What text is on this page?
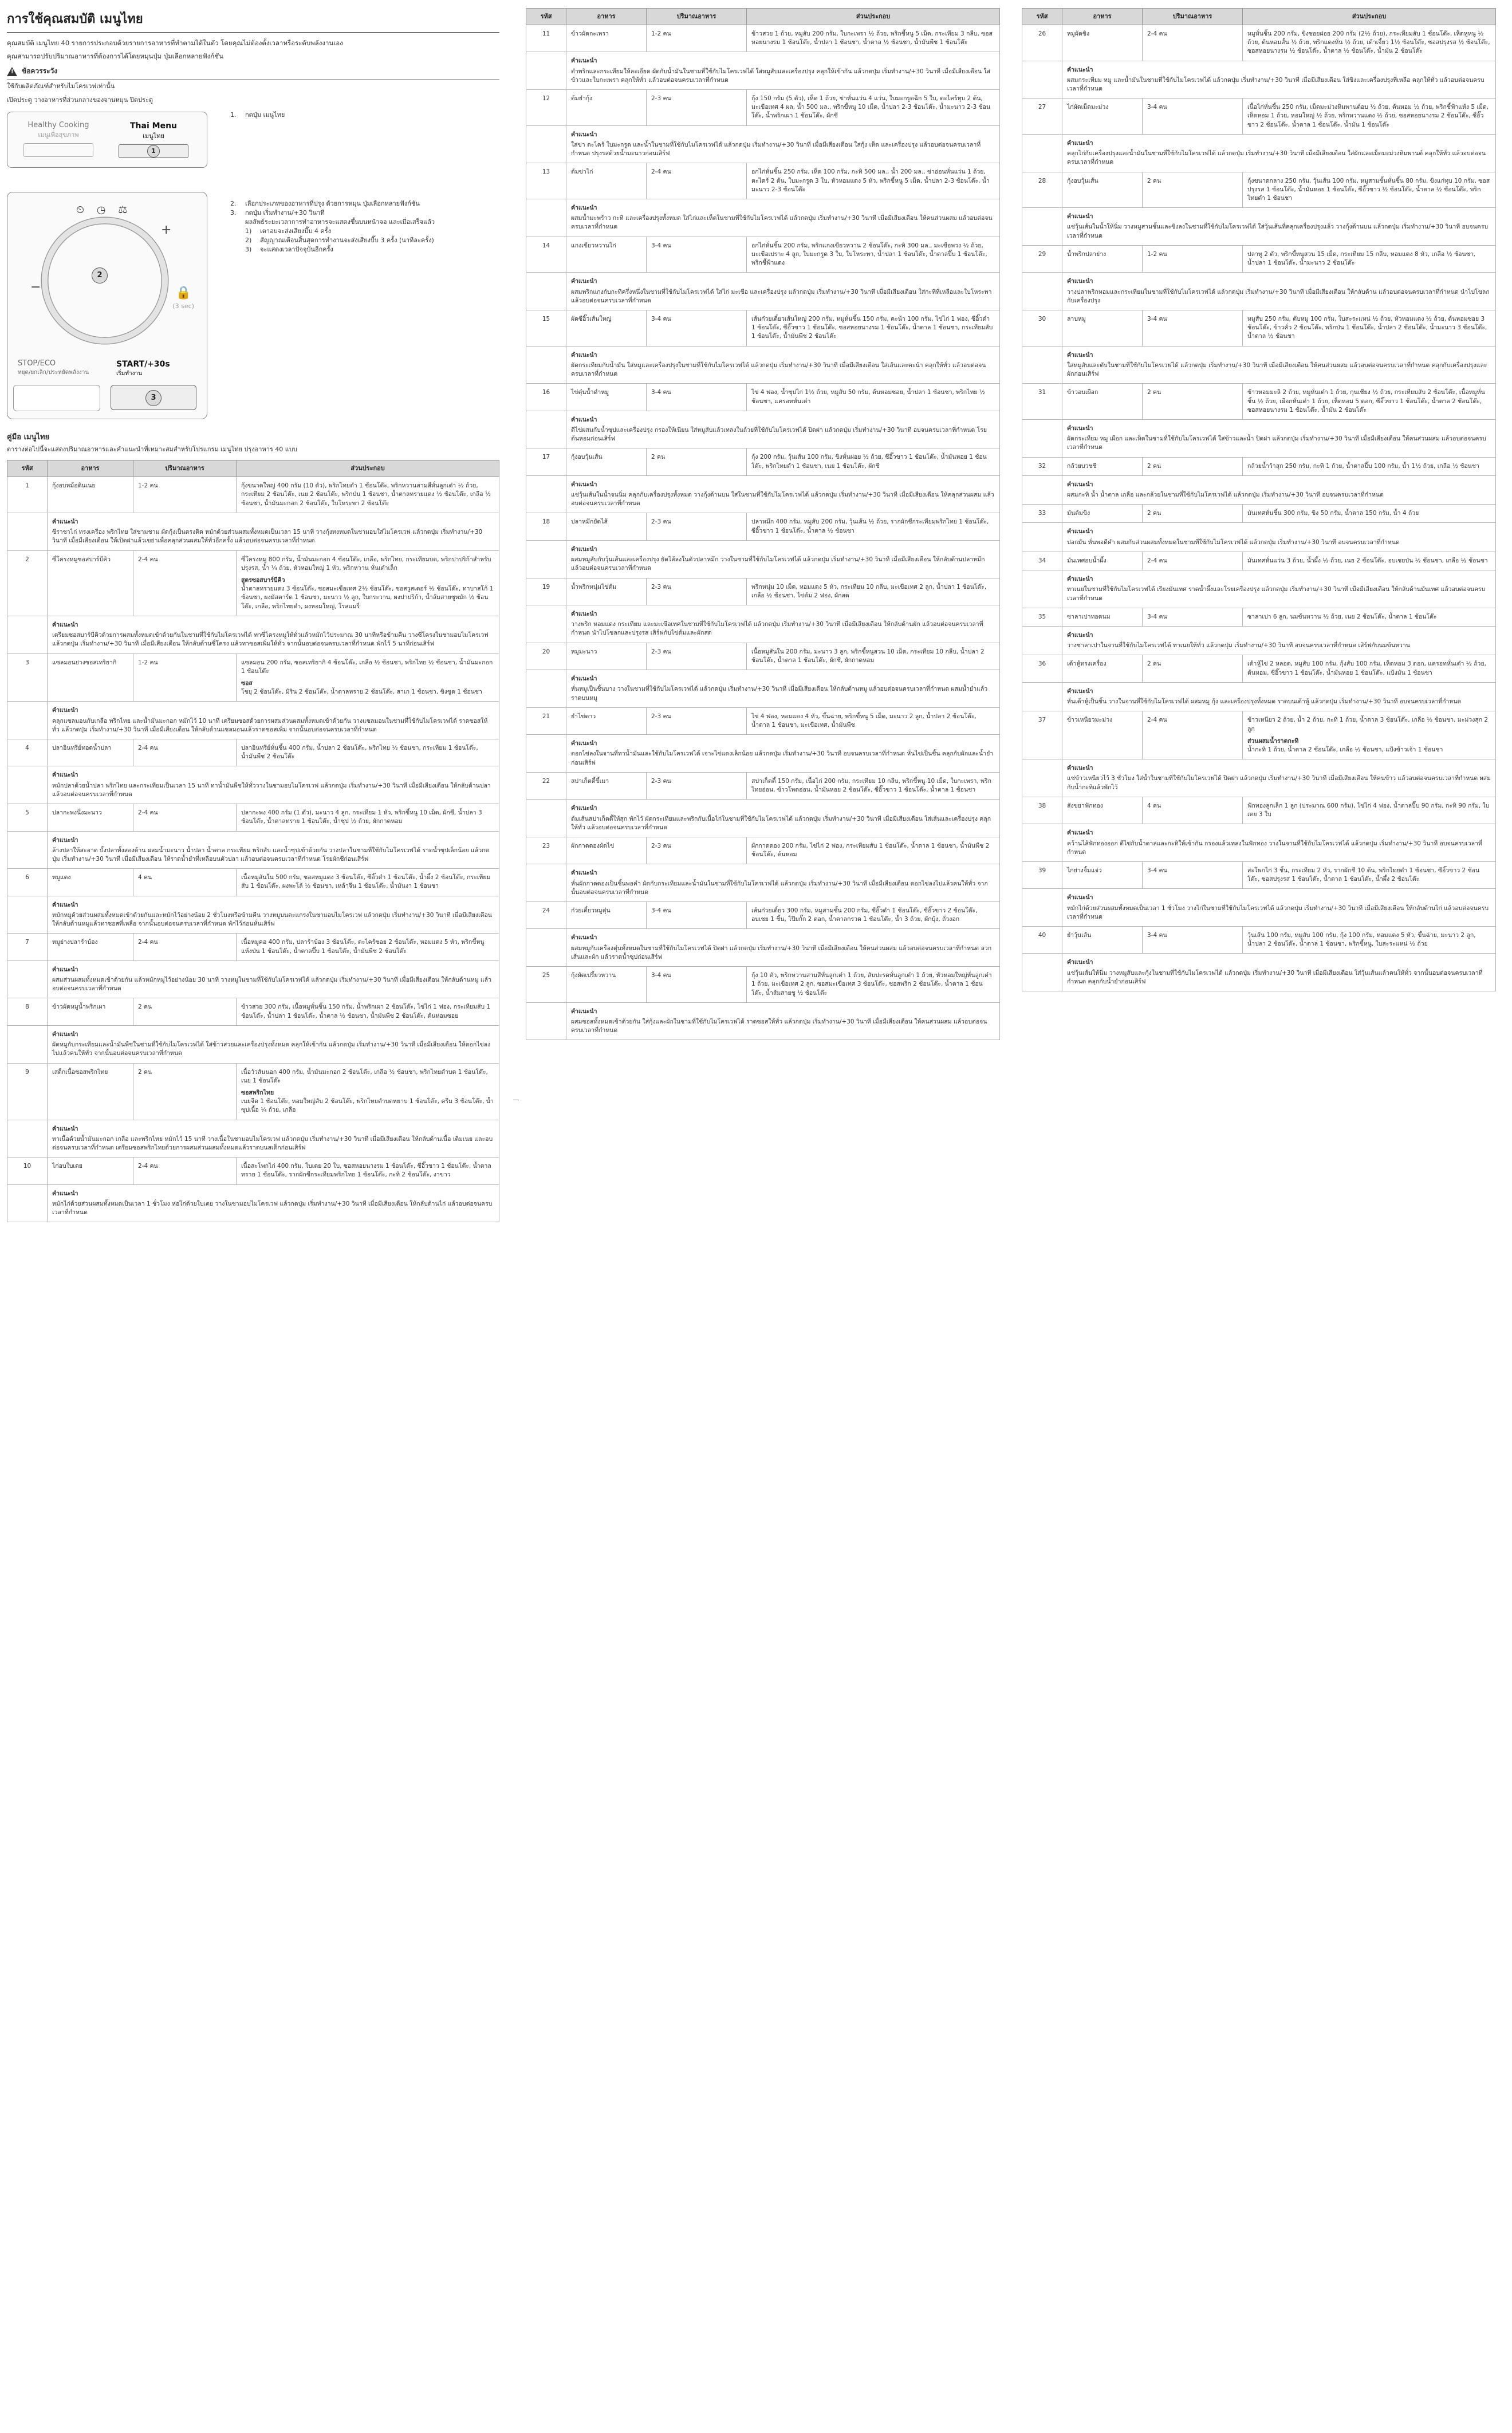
การใช้คุณสมบัติ เมนูไทย

คุณสมบัติ เมนูไทย 40 รายการประกอบด้วยรายการอาหารที่ทำตามได้ในตัว โดยคุณไม่ต้องตั้งเวลาหรือระดับพลังงานเอง

คุณสามารถปรับปริมาณอาหารที่ต้องการได้โดยหมุนปุ่ม ปุ่มเลือกหลายฟังก์ชัน

!
ข้อควรระวัง
ใช้กับผลิตภัณฑ์สำหรับไมโครเวฟเท่านั้น
เปิดประตู วางอาหารที่ส่วนกลางของจานหมุน ปิดประตู
Healthy Cooking
เมนูเพื่อสุขภาพ
Thai Menu
เมนูไทย
1
⏲ ◷ ⚖
−
+
2
🔒
(3 sec)
STOP/ECO
หยุด/ยกเลิก/ประหยัดพลังงาน
START/+30s
เริ่มทำงาน
3
1.	กดปุ่ม เมนูไทย
2.	เลือกประเภทของอาหารที่ปรุง ด้วยการหมุน ปุ่มเลือกหลายฟังก์ชัน
3.	กดปุ่ม เริ่มทำงาน/+30 วินาที
ผลลัพธ์ระยะเวลาการทำอาหารจะแสดงขึ้นบนหน้าจอ และเมื่อเสร็จแล้ว
1) เตาอบจะส่งเสียงบี๊บ 4 ครั้ง
2) สัญญาณเตือนสิ้นสุดการทำงานจะส่งเสียงบี๊บ 3 ครั้ง (นาทีละครั้ง)
3) จะแสดงเวลาปัจจุบันอีกครั้ง
คู่มือ เมนูไทย
ตารางต่อไปนี้จะแสดงปริมาณอาหารและคำแนะนำที่เหมาะสมสำหรับโปรแกรม เมนูไทย ปรุงอาหาร 40 แบบ
รหัส	อาหาร	ปริมาณอาหาร	ส่วนประกอบ
1	กุ้งอบหม้อดินเนย	1-2 คน	กุ้งขนาดใหญ่ 400 กรัม (10 ตัว), พริกไทยดำ 1 ช้อนโต๊ะ, พริกหวานสามสีหั่นลูกเต๋า ½ ถ้วย, กระเทียม 2 ช้อนโต๊ะ, เนย 2 ช้อนโต๊ะ, พริกป่น 1 ช้อนชา, น้ำตาลทรายแดง ½ ช้อนโต๊ะ, เกลือ ½ ช้อนชา, น้ำมันมะกอก 2 ช้อนโต๊ะ, ใบโหระพา 2 ช้อนโต๊ะ

	คำแนะนำ
ซีราชาไก่ ทรงเครื่อง พริกไทย ใส่ชามชาม ผัดกุ้งเป็นตรงติด หมักด้วยส่วนผสมทั้งหมดเป็นเวลา 15 นาที วางกุ้งทงหมดในชามอบใส่ไมโครเวฟ แล้วกดปุ่ม เริ่มทำงาน/+30 วินาที เมื่อมีเสียงเตือน ให้เปิดฝาแล้วเขย่าเพื่อคลุกส่วนผสมให้ทั่วอีกครั้ง แล้วอบต่อจนครบเวลาที่กำหนด		

2	ซี่โครงหมูซอสบาร์บีคิว	2-4 คน	ซี่โครงหมู 800 กรัม, น้ำมันมะกอก 4 ช้อนโต๊ะ, เกลือ, พริกไทย, กระเทียมบด, พริกปาปริก้าสำหรับปรุงรส, น้ำ ¼ ถ้วย, หัวหอมใหญ่ 1 หัว, พริกหวาน หั่นเต๋าเล็ก
สูตรซอสบาร์บีคิว
น้ำตาลทรายแดง 3 ช้อนโต๊ะ, ซอสมะเขือเทศ 2½ ช้อนโต๊ะ, ซอสวูสเตอร์ ½ ช้อนโต๊ะ, ทาบาสโก้ 1 ช้อนชา, ผงมัสตาร์ด 1 ช้อนชา, มะนาว ½ ลูก, ใบกระวาน, ผงปาปริก้า, น้ำส้มสายชูหมัก ½ ช้อนโต๊ะ, เกลือ, พริกไทยดำ, ผงหอมใหญ่, โรสแมรี่

	คำแนะนำ
เตรียมซอสบาร์บีคิวด้วยการผสมทั้งหมดเข้าด้วยกันในชามที่ใช้กับไมโครเวฟได้ ทาซี่โครงหมูให้ทั่วแล้วหมักไว้ประมาณ 30 นาทีหรือข้ามคืน วางซี่โครงในชามอบไมโครเวฟ แล้วกดปุ่ม เริ่มทำงาน/+30 วินาที เมื่อมีเสียงเตือน ให้กลับด้านซี่โครง แล้วทาซอสเพิ่มให้ทั่ว จากนั้นอบต่อจนครบเวลาที่กำหนด พักไว้ 5 นาทีก่อนเสิร์ฟ		

3	แซลมอนย่างซอสเทริยากิ	1-2 คน	แซลมอน 200 กรัม, ซอสเทริยากิ 4 ช้อนโต๊ะ, เกลือ ½ ช้อนชา, พริกไทย ½ ช้อนชา, น้ำมันมะกอก 1 ช้อนโต๊ะ
ซอส
โชยุ 2 ช้อนโต๊ะ, มิริน 2 ช้อนโต๊ะ, น้ำตาลทราย 2 ช้อนโต๊ะ, สาเก 1 ช้อนชา, ขิงขูด 1 ช้อนชา

	คำแนะนำ
คลุกแซลมอนกับเกลือ พริกไทย และน้ำมันมะกอก หมักไว้ 10 นาที เตรียมซอสด้วยการผสมส่วนผสมทั้งหมดเข้าด้วยกัน วางแซลมอนในชามที่ใช้กับไมโครเวฟได้ ราดซอสให้ทั่ว แล้วกดปุ่ม เริ่มทำงาน/+30 วินาที เมื่อมีเสียงเตือน ให้กลับด้านแซลมอนแล้วราดซอสเพิ่ม จากนั้นอบต่อจนครบเวลาที่กำหนด		

4	ปลาอินทรีย์ทอดน้ำปลา	2-4 คน	ปลาอินทรีย์หั่นชิ้น 400 กรัม, น้ำปลา 2 ช้อนโต๊ะ, พริกไทย ½ ช้อนชา, กระเทียม 1 ช้อนโต๊ะ, น้ำมันพืช 2 ช้อนโต๊ะ

	คำแนะนำ
หมักปลาด้วยน้ำปลา พริกไทย และกระเทียมเป็นเวลา 15 นาที ทาน้ำมันพืชให้ทั่ววางในชามอบไมโครเวฟ แล้วกดปุ่ม เริ่มทำงาน/+30 วินาที เมื่อมีเสียงเตือน ให้กลับด้านปลา แล้วอบต่อจนครบเวลาที่กำหนด		

5	ปลากะพงนึ่งมะนาว	2-4 คน	ปลากะพง 400 กรัม (1 ตัว), มะนาว 4 ลูก, กระเทียม 1 หัว, พริกขี้หนู 10 เม็ด, ผักชี, น้ำปลา 3 ช้อนโต๊ะ, น้ำตาลทราย 1 ช้อนโต๊ะ, น้ำซุป ½ ถ้วย, ผักกาดหอม

	คำแนะนำ
ล้างปลาให้สะอาด บั้งปลาทั้งสองด้าน ผสมน้ำมะนาว น้ำปลา น้ำตาล กระเทียม พริกสับ และน้ำซุปเข้าด้วยกัน วางปลาในชามที่ใช้กับไมโครเวฟได้ ราดน้ำซุปเล็กน้อย แล้วกดปุ่ม เริ่มทำงาน/+30 วินาที เมื่อมีเสียงเตือน ให้ราดน้ำยำที่เหลือบนตัวปลา แล้วอบต่อจนครบเวลาที่กำหนด โรยผักชีก่อนเสิร์ฟ		

6	หมูแดง	4 คน	เนื้อหมูสันใน 500 กรัม, ซอสหมูแดง 3 ช้อนโต๊ะ, ซีอิ๊วดำ 1 ช้อนโต๊ะ, น้ำผึ้ง 2 ช้อนโต๊ะ, กระเทียมสับ 1 ช้อนโต๊ะ, ผงพะโล้ ½ ช้อนชา, เหล้าจีน 1 ช้อนโต๊ะ, น้ำมันงา 1 ช้อนชา

	คำแนะนำ
หมักหมูด้วยส่วนผสมทั้งหมดเข้าด้วยกันและหมักไว้อย่างน้อย 2 ชั่วโมงหรือข้ามคืน วางหมูบนตะแกรงในชามอบไมโครเวฟ แล้วกดปุ่ม เริ่มทำงาน/+30 วินาที เมื่อมีเสียงเตือน ให้กลับด้านหมูแล้วทาซอสที่เหลือ จากนั้นอบต่อจนครบเวลาที่กำหนด พักไว้ก่อนหั่นเสิร์ฟ		

7	หมูย่างปลาร้าบ้อง	2-4 คน	เนื้อหมูคอ 400 กรัม, ปลาร้าบ้อง 3 ช้อนโต๊ะ, ตะไคร้ซอย 2 ช้อนโต๊ะ, หอมแดง 5 หัว, พริกขี้หนูแห้งป่น 1 ช้อนโต๊ะ, น้ำตาลปี๊บ 1 ช้อนโต๊ะ, น้ำมันพืช 2 ช้อนโต๊ะ

	คำแนะนำ
ผสมส่วนผสมทั้งหมดเข้าด้วยกัน แล้วหมักหมูไว้อย่างน้อย 30 นาที วางหมูในชามที่ใช้กับไมโครเวฟได้ แล้วกดปุ่ม เริ่มทำงาน/+30 วินาที เมื่อมีเสียงเตือน ให้กลับด้านหมู แล้วอบต่อจนครบเวลาที่กำหนด		

8	ข้าวผัดหมูน้ำพริกเผา	2 คน	ข้าวสวย 300 กรัม, เนื้อหมูหั่นชิ้น 150 กรัม, น้ำพริกเผา 2 ช้อนโต๊ะ, ไข่ไก่ 1 ฟอง, กระเทียมสับ 1 ช้อนโต๊ะ, น้ำปลา 1 ช้อนโต๊ะ, น้ำตาล ½ ช้อนชา, น้ำมันพืช 2 ช้อนโต๊ะ, ต้นหอมซอย

	คำแนะนำ
ผัดหมูกับกระเทียมและน้ำมันพืชในชามที่ใช้กับไมโครเวฟได้ ใส่ข้าวสวยและเครื่องปรุงทั้งหมด คลุกให้เข้ากัน แล้วกดปุ่ม เริ่มทำงาน/+30 วินาที เมื่อมีเสียงเตือน ให้ตอกไข่ลงไปแล้วคนให้ทั่ว จากนั้นอบต่อจนครบเวลาที่กำหนด		

9	เสต็กเนื้อซอสพริกไทย	2 คน	เนื้อวัวสันนอก 400 กรัม, น้ำมันมะกอก 2 ช้อนโต๊ะ, เกลือ ½ ช้อนชา, พริกไทยดำบด 1 ช้อนโต๊ะ, เนย 1 ช้อนโต๊ะ
ซอสพริกไทย
เนยจืด 1 ช้อนโต๊ะ, หอมใหญ่สับ 2 ช้อนโต๊ะ, พริกไทยดำบดหยาบ 1 ช้อนโต๊ะ, ครีม 3 ช้อนโต๊ะ, น้ำซุปเนื้อ ¼ ถ้วย, เกลือ

	คำแนะนำ
ทาเนื้อด้วยน้ำมันมะกอก เกลือ และพริกไทย หมักไว้ 15 นาที วางเนื้อในชามอบไมโครเวฟ แล้วกดปุ่ม เริ่มทำงาน/+30 วินาที เมื่อมีเสียงเตือน ให้กลับด้านเนื้อ เติมเนย และอบต่อจนครบเวลาที่กำหนด เตรียมซอสพริกไทยด้วยการผสมส่วนผสมทั้งหมดแล้วราดบนสเต็กก่อนเสิร์ฟ		

10	ไก่อบใบเตย	2-4 คน	เนื้อสะโพกไก่ 400 กรัม, ใบเตย 20 ใบ, ซอสหอยนางรม 1 ช้อนโต๊ะ, ซีอิ๊วขาว 1 ช้อนโต๊ะ, น้ำตาลทราย 1 ช้อนโต๊ะ, รากผักชีกระเทียมพริกไทย 1 ช้อนโต๊ะ, กะทิ 2 ช้อนโต๊ะ, งาขาว

	คำแนะนำ
หมักไก่ด้วยส่วนผสมทั้งหมดเป็นเวลา 1 ชั่วโมง ห่อไก่ด้วยใบเตย วางในชามอบไมโครเวฟ แล้วกดปุ่ม เริ่มทำงาน/+30 วินาที เมื่อมีเสียงเตือน ให้กลับด้านไก่ แล้วอบต่อจนครบเวลาที่กำหนด		
รหัส	อาหาร	ปริมาณอาหาร	ส่วนประกอบ
11	ข้าวผัดกะเพรา	1-2 คน	ข้าวสวย 1 ถ้วย, หมูสับ 200 กรัม, ใบกะเพรา ½ ถ้วย, พริกขี้หนู 5 เม็ด, กระเทียม 3 กลีบ, ซอสหอยนางรม 1 ช้อนโต๊ะ, น้ำปลา 1 ช้อนชา, น้ำตาล ½ ช้อนชา, น้ำมันพืช 1 ช้อนโต๊ะ

	คำแนะนำ
ตำพริกและกระเทียมให้ละเอียด ผัดกับน้ำมันในชามที่ใช้กับไมโครเวฟได้ ใส่หมูสับและเครื่องปรุง คลุกให้เข้ากัน แล้วกดปุ่ม เริ่มทำงาน/+30 วินาที เมื่อมีเสียงเตือน ใส่ข้าวและใบกะเพรา คลุกให้ทั่ว แล้วอบต่อจนครบเวลาที่กำหนด		

12	ต้มยำกุ้ง	2-3 คน	กุ้ง 150 กรัม (5 ตัว), เห็ด 1 ถ้วย, ข่าหั่นแว่น 4 แว่น, ใบมะกรูดฉีก 5 ใบ, ตะไคร้ทุบ 2 ต้น, มะเขือเทศ 4 ผล, น้ำ 500 มล., พริกขี้หนู 10 เม็ด, น้ำปลา 2-3 ช้อนโต๊ะ, น้ำมะนาว 2-3 ช้อนโต๊ะ, น้ำพริกเผา 1 ช้อนโต๊ะ, ผักชี

	คำแนะนำ
ใส่ข่า ตะไคร้ ใบมะกรูด และน้ำในชามที่ใช้กับไมโครเวฟได้ แล้วกดปุ่ม เริ่มทำงาน/+30 วินาที เมื่อมีเสียงเตือน ใส่กุ้ง เห็ด และเครื่องปรุง แล้วอบต่อจนครบเวลาที่กำหนด ปรุงรสด้วยน้ำมะนาวก่อนเสิร์ฟ		

13	ต้มข่าไก่	2-4 คน	อกไก่หั่นชิ้น 250 กรัม, เห็ด 100 กรัม, กะทิ 500 มล., น้ำ 200 มล., ข่าอ่อนหั่นแว่น 1 ถ้วย, ตะไคร้ 2 ต้น, ใบมะกรูด 3 ใบ, หัวหอมแดง 5 หัว, พริกขี้หนู 5 เม็ด, น้ำปลา 2-3 ช้อนโต๊ะ, น้ำมะนาว 2-3 ช้อนโต๊ะ

	คำแนะนำ
ผสมน้ำมะพร้าว กะทิ และเครื่องปรุงทั้งหมด ใส่ไก่และเห็ดในชามที่ใช้กับไมโครเวฟได้ แล้วกดปุ่ม เริ่มทำงาน/+30 วินาที เมื่อมีเสียงเตือน ให้คนส่วนผสม แล้วอบต่อจนครบเวลาที่กำหนด		

14	แกงเขียวหวานไก่	3-4 คน	อกไก่หั่นชิ้น 200 กรัม, พริกแกงเขียวหวาน 2 ช้อนโต๊ะ, กะทิ 300 มล., มะเขือพวง ½ ถ้วย, มะเขือเปราะ 4 ลูก, ใบมะกรูด 3 ใบ, ใบโหระพา, น้ำปลา 1 ช้อนโต๊ะ, น้ำตาลปี๊บ 1 ช้อนโต๊ะ, พริกชี้ฟ้าแดง

	คำแนะนำ
ผสมพริกแกงกับกะทิครึ่งหนึ่งในชามที่ใช้กับไมโครเวฟได้ ใส่ไก่ มะเขือ และเครื่องปรุง แล้วกดปุ่ม เริ่มทำงาน/+30 วินาที เมื่อมีเสียงเตือน ใส่กะทิที่เหลือและใบโหระพา แล้วอบต่อจนครบเวลาที่กำหนด		

15	ผัดซีอิ๊วเส้นใหญ่	3-4 คน	เส้นก๋วยเตี๋ยวเส้นใหญ่ 200 กรัม, หมูหั่นชิ้น 150 กรัม, คะน้า 100 กรัม, ไข่ไก่ 1 ฟอง, ซีอิ๊วดำ 1 ช้อนโต๊ะ, ซีอิ๊วขาว 1 ช้อนโต๊ะ, ซอสหอยนางรม 1 ช้อนโต๊ะ, น้ำตาล 1 ช้อนชา, กระเทียมสับ 1 ช้อนโต๊ะ, น้ำมันพืช 2 ช้อนโต๊ะ

	คำแนะนำ
ผัดกระเทียมกับน้ำมัน ใส่หมูและเครื่องปรุงในชามที่ใช้กับไมโครเวฟได้ แล้วกดปุ่ม เริ่มทำงาน/+30 วินาที เมื่อมีเสียงเตือน ใส่เส้นและคะน้า คลุกให้ทั่ว แล้วอบต่อจนครบเวลาที่กำหนด		

16	ไข่ตุ๋นน้ำดำหมู	3-4 คน	ไข่ 4 ฟอง, น้ำซุปไก่ 1½ ถ้วย, หมูสับ 50 กรัม, ต้นหอมซอย, น้ำปลา 1 ช้อนชา, พริกไทย ½ ช้อนชา, แครอทหั่นเต๋า

	คำแนะนำ
ตีไข่ผสมกับน้ำซุปและเครื่องปรุง กรองให้เนียน ใส่หมูสับแล้วเทลงในถ้วยที่ใช้กับไมโครเวฟได้ ปิดฝา แล้วกดปุ่ม เริ่มทำงาน/+30 วินาที อบจนครบเวลาที่กำหนด โรยต้นหอมก่อนเสิร์ฟ		

17	กุ้งอบวุ้นเส้น	2 คน	กุ้ง 200 กรัม, วุ้นเส้น 100 กรัม, ขิงหั่นฝอย ½ ถ้วย, ซีอิ๊วขาว 1 ช้อนโต๊ะ, น้ำมันหอย 1 ช้อนโต๊ะ, พริกไทยดำ 1 ช้อนชา, เนย 1 ช้อนโต๊ะ, ผักชี

	คำแนะนำ
แช่วุ้นเส้นในน้ำจนนิ่ม คลุกกับเครื่องปรุงทั้งหมด วางกุ้งด้านบน ใส่ในชามที่ใช้กับไมโครเวฟได้ แล้วกดปุ่ม เริ่มทำงาน/+30 วินาที เมื่อมีเสียงเตือน ให้คลุกส่วนผสม แล้วอบต่อจนครบเวลาที่กำหนด		

18	ปลาหมึกยัดไส้	2-3 คน	ปลาหมึก 400 กรัม, หมูสับ 200 กรัม, วุ้นเส้น ½ ถ้วย, รากผักชีกระเทียมพริกไทย 1 ช้อนโต๊ะ, ซีอิ๊วขาว 1 ช้อนโต๊ะ, น้ำตาล ½ ช้อนชา

	คำแนะนำ
ผสมหมูสับกับวุ้นเส้นและเครื่องปรุง ยัดไส้ลงในตัวปลาหมึก วางในชามที่ใช้กับไมโครเวฟได้ แล้วกดปุ่ม เริ่มทำงาน/+30 วินาที เมื่อมีเสียงเตือน ให้กลับด้านปลาหมึก แล้วอบต่อจนครบเวลาที่กำหนด		

19	น้ำพริกหนุ่มไข่ต้ม	2-3 คน	พริกหนุ่ม 10 เม็ด, หอมแดง 5 หัว, กระเทียม 10 กลีบ, มะเขือเทศ 2 ลูก, น้ำปลา 1 ช้อนโต๊ะ, เกลือ ½ ช้อนชา, ไข่ต้ม 2 ฟอง, ผักสด

	คำแนะนำ
วางพริก หอมแดง กระเทียม และมะเขือเทศในชามที่ใช้กับไมโครเวฟได้ แล้วกดปุ่ม เริ่มทำงาน/+30 วินาที เมื่อมีเสียงเตือน ให้กลับด้านผัก แล้วอบต่อจนครบเวลาที่กำหนด นำไปโขลกและปรุงรส เสิร์ฟกับไข่ต้มและผักสด		

20	หมูมะนาว	2-3 คน	เนื้อหมูสันใน 200 กรัม, มะนาว 3 ลูก, พริกขี้หนูสวน 10 เม็ด, กระเทียม 10 กลีบ, น้ำปลา 2 ช้อนโต๊ะ, น้ำตาล 1 ช้อนโต๊ะ, ผักชี, ผักกาดหอม

	คำแนะนำ
หั่นหมูเป็นชิ้นบาง วางในชามที่ใช้กับไมโครเวฟได้ แล้วกดปุ่ม เริ่มทำงาน/+30 วินาที เมื่อมีเสียงเตือน ให้กลับด้านหมู แล้วอบต่อจนครบเวลาที่กำหนด ผสมน้ำยำแล้วราดบนหมู		

21	ยำไข่ดาว	2-3 คน	ไข่ 4 ฟอง, หอมแดง 4 หัว, ขึ้นฉ่าย, พริกขี้หนู 5 เม็ด, มะนาว 2 ลูก, น้ำปลา 2 ช้อนโต๊ะ, น้ำตาล 1 ช้อนชา, มะเขือเทศ, น้ำมันพืช

	คำแนะนำ
ตอกไข่ลงในจานที่ทาน้ำมันและใช้กับไมโครเวฟได้ เจาะไข่แดงเล็กน้อย แล้วกดปุ่ม เริ่มทำงาน/+30 วินาที อบจนครบเวลาที่กำหนด หั่นไข่เป็นชิ้น คลุกกับผักและน้ำยำก่อนเสิร์ฟ		

22	สปาเก็ตตี้ขี้เมา	2-3 คน	สปาเก็ตตี้ 150 กรัม, เนื้อไก่ 200 กรัม, กระเทียม 10 กลีบ, พริกขี้หนู 10 เม็ด, ใบกะเพรา, พริกไทยอ่อน, ข้าวโพดอ่อน, น้ำมันหอย 2 ช้อนโต๊ะ, ซีอิ๊วขาว 1 ช้อนโต๊ะ, น้ำตาล 1 ช้อนชา

	คำแนะนำ
ต้มเส้นสปาเก็ตตี้ให้สุก พักไว้ ผัดกระเทียมและพริกกับเนื้อไก่ในชามที่ใช้กับไมโครเวฟได้ แล้วกดปุ่ม เริ่มทำงาน/+30 วินาที เมื่อมีเสียงเตือน ใส่เส้นและเครื่องปรุง คลุกให้ทั่ว แล้วอบต่อจนครบเวลาที่กำหนด		

23	ผักกาดดองผัดไข่	2-3 คน	ผักกาดดอง 200 กรัม, ไข่ไก่ 2 ฟอง, กระเทียมสับ 1 ช้อนโต๊ะ, น้ำตาล 1 ช้อนชา, น้ำมันพืช 2 ช้อนโต๊ะ, ต้นหอม

	คำแนะนำ
หั่นผักกาดดองเป็นชิ้นพอคำ ผัดกับกระเทียมและน้ำมันในชามที่ใช้กับไมโครเวฟได้ แล้วกดปุ่ม เริ่มทำงาน/+30 วินาที เมื่อมีเสียงเตือน ตอกไข่ลงไปแล้วคนให้ทั่ว จากนั้นอบต่อจนครบเวลาที่กำหนด		

24	ก๋วยเตี๋ยวหมูตุ๋น	3-4 คน	เส้นก๋วยเตี๋ยว 300 กรัม, หมูสามชั้น 200 กรัม, ซีอิ๊วดำ 1 ช้อนโต๊ะ, ซีอิ๊วขาว 2 ช้อนโต๊ะ, อบเชย 1 ชิ้น, โป๊ยกั๊ก 2 ดอก, น้ำตาลกรวด 1 ช้อนโต๊ะ, น้ำ 3 ถ้วย, ผักบุ้ง, ถั่วงอก

	คำแนะนำ
ผสมหมูกับเครื่องตุ๋นทั้งหมดในชามที่ใช้กับไมโครเวฟได้ ปิดฝา แล้วกดปุ่ม เริ่มทำงาน/+30 วินาที เมื่อมีเสียงเตือน ให้คนส่วนผสม แล้วอบต่อจนครบเวลาที่กำหนด ลวกเส้นและผัก แล้วราดน้ำซุปก่อนเสิร์ฟ		

25	กุ้งผัดเปรี้ยวหวาน	3-4 คน	กุ้ง 10 ตัว, พริกหวานสามสีหั่นลูกเต๋า 1 ถ้วย, สับปะรดหั่นลูกเต๋า 1 ถ้วย, หัวหอมใหญ่หั่นลูกเต๋า 1 ถ้วย, มะเขือเทศ 2 ลูก, ซอสมะเขือเทศ 3 ช้อนโต๊ะ, ซอสพริก 2 ช้อนโต๊ะ, น้ำตาล 1 ช้อนโต๊ะ, น้ำส้มสายชู ½ ช้อนโต๊ะ

	คำแนะนำ
ผสมซอสทั้งหมดเข้าด้วยกัน ใส่กุ้งและผักในชามที่ใช้กับไมโครเวฟได้ ราดซอสให้ทั่ว แล้วกดปุ่ม เริ่มทำงาน/+30 วินาที เมื่อมีเสียงเตือน ให้คนส่วนผสม แล้วอบต่อจนครบเวลาที่กำหนด		
รหัส	อาหาร	ปริมาณอาหาร	ส่วนประกอบ
26	หมูผัดขิง	2-4 คน	หมูหั่นชิ้น 200 กรัม, ขิงซอยฝอย 200 กรัม (2½ ถ้วย), กระเทียมสับ 1 ช้อนโต๊ะ, เห็ดหูหนู ½ ถ้วย, ต้นหอมสั้น ½ ถ้วย, พริกแดงหั่น ½ ถ้วย, เต้าเจี้ยว 1½ ช้อนโต๊ะ, ซอสปรุงรส ½ ช้อนโต๊ะ, ซอสหอยนางรม ½ ช้อนโต๊ะ, น้ำตาล ½ ช้อนโต๊ะ, น้ำมัน 2 ช้อนโต๊ะ

	คำแนะนำ
ผสมกระเทียม หมู และน้ำมันในชามที่ใช้กับไมโครเวฟได้ แล้วกดปุ่ม เริ่มทำงาน/+30 วินาที เมื่อมีเสียงเตือน ใส่ขิงและเครื่องปรุงที่เหลือ คลุกให้ทั่ว แล้วอบต่อจนครบเวลาที่กำหนด		

27	ไก่ผัดเม็ดมะม่วง	3-4 คน	เนื้อไก่หั่นชิ้น 250 กรัม, เม็ดมะม่วงหิมพานต์อบ ½ ถ้วย, ต้นหอม ½ ถ้วย, พริกชี้ฟ้าแห้ง 5 เม็ด, เห็ดหอม 1 ถ้วย, หอมใหญ่ ½ ถ้วย, พริกหวานแดง ½ ถ้วย, ซอสหอยนางรม 2 ช้อนโต๊ะ, ซีอิ๊วขาว 2 ช้อนโต๊ะ, น้ำตาล 1 ช้อนโต๊ะ, น้ำมัน 1 ช้อนโต๊ะ

	คำแนะนำ
คลุกไก่กับเครื่องปรุงและน้ำมันในชามที่ใช้กับไมโครเวฟได้ แล้วกดปุ่ม เริ่มทำงาน/+30 วินาที เมื่อมีเสียงเตือน ใส่ผักและเม็ดมะม่วงหิมพานต์ คลุกให้ทั่ว แล้วอบต่อจนครบเวลาที่กำหนด		

28	กุ้งอบวุ้นเส้น	2 คน	กุ้งขนาดกลาง 250 กรัม, วุ้นเส้น 100 กรัม, หมูสามชั้นหั่นชิ้น 80 กรัม, ขิงแก่ทุบ 10 กรัม, ซอสปรุงรส 1 ช้อนโต๊ะ, น้ำมันหอย 1 ช้อนโต๊ะ, ซีอิ๊วขาว ½ ช้อนโต๊ะ, น้ำตาล ½ ช้อนโต๊ะ, พริกไทยดำ 1 ช้อนชา

	คำแนะนำ
แช่วุ้นเส้นในน้ำให้นิ่ม วางหมูสามชั้นและขิงลงในชามที่ใช้กับไมโครเวฟได้ ใส่วุ้นเส้นที่คลุกเครื่องปรุงแล้ว วางกุ้งด้านบน แล้วกดปุ่ม เริ่มทำงาน/+30 วินาที อบจนครบเวลาที่กำหนด		

29	น้ำพริกปลาย่าง	1-2 คน	ปลาทู 2 ตัว, พริกขี้หนูสวน 15 เม็ด, กระเทียม 15 กลีบ, หอมแดง 8 หัว, เกลือ ½ ช้อนชา, น้ำปลา 1 ช้อนโต๊ะ, น้ำมะนาว 2 ช้อนโต๊ะ

	คำแนะนำ
วางปลาพริกหอมและกระเทียมในชามที่ใช้กับไมโครเวฟได้ แล้วกดปุ่ม เริ่มทำงาน/+30 วินาที เมื่อมีเสียงเตือน ให้กลับด้าน แล้วอบต่อจนครบเวลาที่กำหนด นำไปโขลกกับเครื่องปรุง		

30	ลาบหมู	3-4 คน	หมูสับ 250 กรัม, ตับหมู 100 กรัม, ใบสะระแหน่ ½ ถ้วย, หัวหอมแดง ½ ถ้วย, ต้นหอมซอย 3 ช้อนโต๊ะ, ข้าวคั่ว 2 ช้อนโต๊ะ, พริกป่น 1 ช้อนโต๊ะ, น้ำปลา 2 ช้อนโต๊ะ, น้ำมะนาว 3 ช้อนโต๊ะ, น้ำตาล ½ ช้อนชา

	คำแนะนำ
ใส่หมูสับและตับในชามที่ใช้กับไมโครเวฟได้ แล้วกดปุ่ม เริ่มทำงาน/+30 วินาที เมื่อมีเสียงเตือน ให้คนส่วนผสม แล้วอบต่อจนครบเวลาที่กำหนด คลุกกับเครื่องปรุงและผักก่อนเสิร์ฟ		

31	ข้าวอบเผือก	2 คน	ข้าวหอมมะลิ 2 ถ้วย, หมูหั่นเต๋า 1 ถ้วย, กุนเชียง ½ ถ้วย, กระเทียมสับ 2 ช้อนโต๊ะ, เนื้อหมูหั่นชิ้น ½ ถ้วย, เผือกหั่นเต๋า 1 ถ้วย, เห็ดหอม 5 ดอก, ซีอิ๊วขาว 1 ช้อนโต๊ะ, น้ำตาล 2 ช้อนโต๊ะ, ซอสหอยนางรม 1 ช้อนโต๊ะ, น้ำมัน 2 ช้อนโต๊ะ

	คำแนะนำ
ผัดกระเทียม หมู เผือก และเห็ดในชามที่ใช้กับไมโครเวฟได้ ใส่ข้าวและน้ำ ปิดฝา แล้วกดปุ่ม เริ่มทำงาน/+30 วินาที เมื่อมีเสียงเตือน ให้คนส่วนผสม แล้วอบต่อจนครบเวลาที่กำหนด		

32	กล้วยบวชชี	2 คน	กล้วยน้ำว้าสุก 250 กรัม, กะทิ 1 ถ้วย, น้ำตาลปี๊บ 100 กรัม, น้ำ 1½ ถ้วย, เกลือ ½ ช้อนชา

	คำแนะนำ
ผสมกะทิ น้ำ น้ำตาล เกลือ และกล้วยในชามที่ใช้กับไมโครเวฟได้ แล้วกดปุ่ม เริ่มทำงาน/+30 วินาที อบจนครบเวลาที่กำหนด		

33	มันต้มขิง	2 คน	มันเทศหั่นชิ้น 300 กรัม, ขิง 50 กรัม, น้ำตาล 150 กรัม, น้ำ 4 ถ้วย

	คำแนะนำ
ปอกมัน หั่นพอดีคำ ผสมกับส่วนผสมทั้งหมดในชามที่ใช้กับไมโครเวฟได้ แล้วกดปุ่ม เริ่มทำงาน/+30 วินาที อบจนครบเวลาที่กำหนด		

34	มันเทศอบน้ำผึ้ง	2-4 คน	มันเทศหั่นแว่น 3 ถ้วย, น้ำผึ้ง ½ ถ้วย, เนย 2 ช้อนโต๊ะ, อบเชยป่น ½ ช้อนชา, เกลือ ½ ช้อนชา

	คำแนะนำ
ทาเนยในชามที่ใช้กับไมโครเวฟได้ เรียงมันเทศ ราดน้ำผึ้งและโรยเครื่องปรุง แล้วกดปุ่ม เริ่มทำงาน/+30 วินาที เมื่อมีเสียงเตือน ให้กลับด้านมันเทศ แล้วอบต่อจนครบเวลาที่กำหนด		

35	ซาลาเปาทอดนม	3-4 คน	ซาลาเปา 6 ลูก, นมข้นหวาน ½ ถ้วย, เนย 2 ช้อนโต๊ะ, น้ำตาล 1 ช้อนโต๊ะ

	คำแนะนำ
วางซาลาเปาในจานที่ใช้กับไมโครเวฟได้ ทาเนยให้ทั่ว แล้วกดปุ่ม เริ่มทำงาน/+30 วินาที อบจนครบเวลาที่กำหนด เสิร์ฟกับนมข้นหวาน		

36	เต้าหู้ทรงเครื่อง	2 คน	เต้าหู้ไข่ 2 หลอด, หมูสับ 100 กรัม, กุ้งสับ 100 กรัม, เห็ดหอม 3 ดอก, แครอทหั่นเต๋า ½ ถ้วย, ต้นหอม, ซีอิ๊วขาว 1 ช้อนโต๊ะ, น้ำมันหอย 1 ช้อนโต๊ะ, แป้งมัน 1 ช้อนชา

	คำแนะนำ
หั่นเต้าหู้เป็นชิ้น วางในจานที่ใช้กับไมโครเวฟได้ ผสมหมู กุ้ง และเครื่องปรุงทั้งหมด ราดบนเต้าหู้ แล้วกดปุ่ม เริ่มทำงาน/+30 วินาที อบจนครบเวลาที่กำหนด		

37	ข้าวเหนียวมะม่วง	2-4 คน	ข้าวเหนียว 2 ถ้วย, น้ำ 2 ถ้วย, กะทิ 1 ถ้วย, น้ำตาล 3 ช้อนโต๊ะ, เกลือ ½ ช้อนชา, มะม่วงสุก 2 ลูก
ส่วนผสมน้ำราดกะทิ
น้ำกะทิ 1 ถ้วย, น้ำตาล 2 ช้อนโต๊ะ, เกลือ ½ ช้อนชา, แป้งข้าวเจ้า 1 ช้อนชา

	คำแนะนำ
แช่ข้าวเหนียวไว้ 3 ชั่วโมง ใส่น้ำในชามที่ใช้กับไมโครเวฟได้ ปิดฝา แล้วกดปุ่ม เริ่มทำงาน/+30 วินาที เมื่อมีเสียงเตือน ให้คนข้าว แล้วอบต่อจนครบเวลาที่กำหนด ผสมกับน้ำกะทิแล้วพักไว้		

38	สังขยาฟักทอง	4 คน	ฟักทองลูกเล็ก 1 ลูก (ประมาณ 600 กรัม), ไข่ไก่ 4 ฟอง, น้ำตาลปี๊บ 90 กรัม, กะทิ 90 กรัม, ใบเตย 3 ใบ

	คำแนะนำ
คว้านไส้ฟักทองออก ตีไข่กับน้ำตาลและกะทิให้เข้ากัน กรองแล้วเทลงในฟักทอง วางในจานที่ใช้กับไมโครเวฟได้ แล้วกดปุ่ม เริ่มทำงาน/+30 วินาที อบจนครบเวลาที่กำหนด		

39	ไก่ย่างจิ้มแจ่ว	3-4 คน	สะโพกไก่ 3 ชิ้น, กระเทียม 2 หัว, รากผักชี 10 ต้น, พริกไทยดำ 1 ช้อนชา, ซีอิ๊วขาว 2 ช้อนโต๊ะ, ซอสปรุงรส 1 ช้อนโต๊ะ, น้ำตาล 1 ช้อนโต๊ะ, น้ำผึ้ง 2 ช้อนโต๊ะ

	คำแนะนำ
หมักไก่ด้วยส่วนผสมทั้งหมดเป็นเวลา 1 ชั่วโมง วางไก่ในชามที่ใช้กับไมโครเวฟได้ แล้วกดปุ่ม เริ่มทำงาน/+30 วินาที เมื่อมีเสียงเตือน ให้กลับด้านไก่ แล้วอบต่อจนครบเวลาที่กำหนด		

40	ยำวุ้นเส้น	3-4 คน	วุ้นเส้น 100 กรัม, หมูสับ 100 กรัม, กุ้ง 100 กรัม, หอมแดง 5 หัว, ขึ้นฉ่าย, มะนาว 2 ลูก, น้ำปลา 2 ช้อนโต๊ะ, น้ำตาล 1 ช้อนชา, พริกขี้หนู, ใบสะระแหน่ ½ ถ้วย

	คำแนะนำ
แช่วุ้นเส้นให้นิ่ม วางหมูสับและกุ้งในชามที่ใช้กับไมโครเวฟได้ แล้วกดปุ่ม เริ่มทำงาน/+30 วินาที เมื่อมีเสียงเตือน ใส่วุ้นเส้นแล้วคนให้ทั่ว จากนั้นอบต่อจนครบเวลาที่กำหนด คลุกกับน้ำยำก่อนเสิร์ฟ		
